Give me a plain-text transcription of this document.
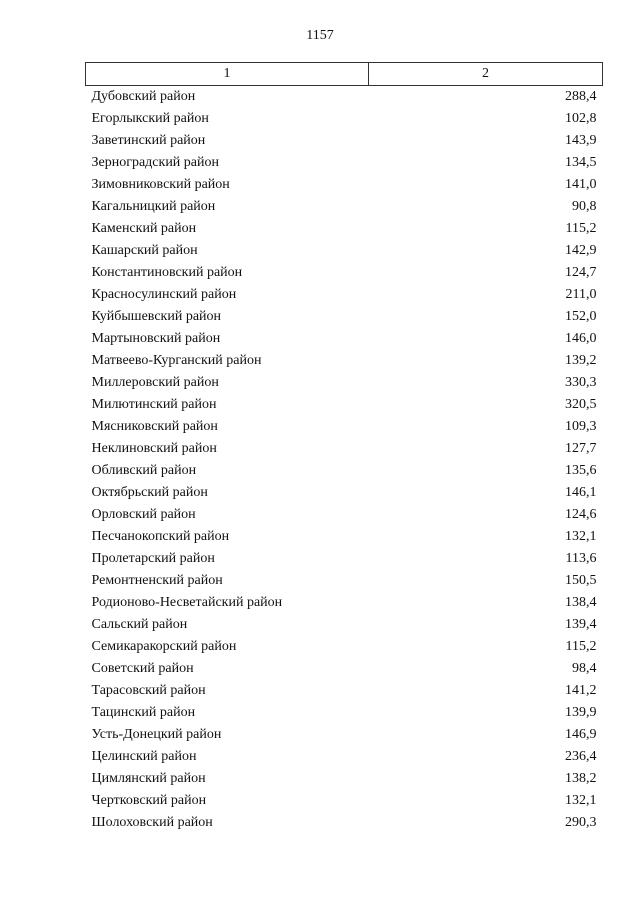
1157
1	2
Дубовский район	288,4
Егорлыкский район	102,8
Заветинский район	143,9
Зерноградский район	134,5
Зимовниковский район	141,0
Кагальницкий район	90,8
Каменский район	115,2
Кашарский район	142,9
Константиновский район	124,7
Красносулинский район	211,0
Куйбышевский район	152,0
Мартыновский район	146,0
Матвеево-Курганский район	139,2
Миллеровский район	330,3
Милютинский район	320,5
Мясниковский район	109,3
Неклиновский район	127,7
Обливский район	135,6
Октябрьский район	146,1
Орловский район	124,6
Песчанокопский район	132,1
Пролетарский район	113,6
Ремонтненский район	150,5
Родионово-Несветайский район	138,4
Сальский район	139,4
Семикаракорский район	115,2
Советский район	98,4
Тарасовский район	141,2
Тацинский район	139,9
Усть-Донецкий район	146,9
Целинский район	236,4
Цимлянский район	138,2
Чертковский район	132,1
Шолоховский район	290,3
